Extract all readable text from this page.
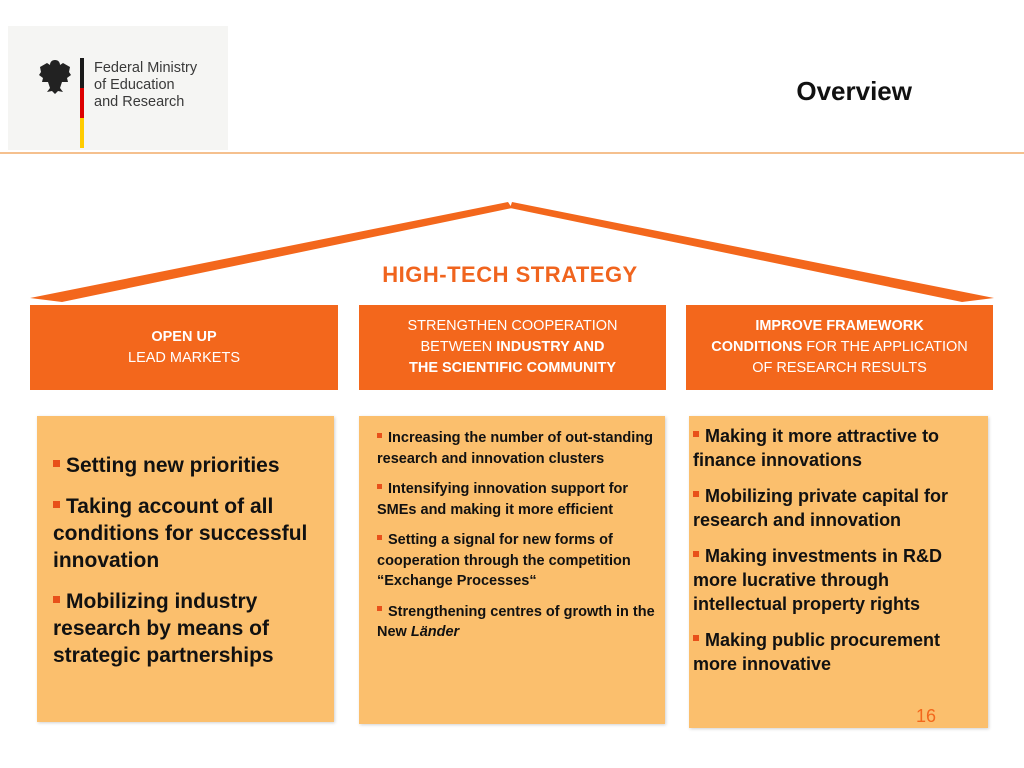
Federal Ministry
of Education
and Research	Overview
HIGH-TECH STRATEGY
OPEN UP
LEAD MARKETS
STRENGTHEN COOPERATION
BETWEEN INDUSTRY AND
THE SCIENTIFIC COMMUNITY
IMPROVE FRAMEWORK
CONDITIONS FOR THE APPLICATION
OF RESEARCH RESULTS
Setting new priorities
Taking account of all conditions for successful innovation
Mobilizing industry research by means of strategic partnerships
Increasing the number of out-standing research and innovation clusters
Intensifying innovation support for SMEs and making it more efficient
Setting a signal for new forms of cooperation through the competition “Exchange Processes“
Strengthening centres of growth in the New Länder
Making it more attractive to finance innovations
Mobilizing private capital for research and innovation
Making investments in R&D more lucrative through intellectual property rights
Making public procurement more innovative
16
